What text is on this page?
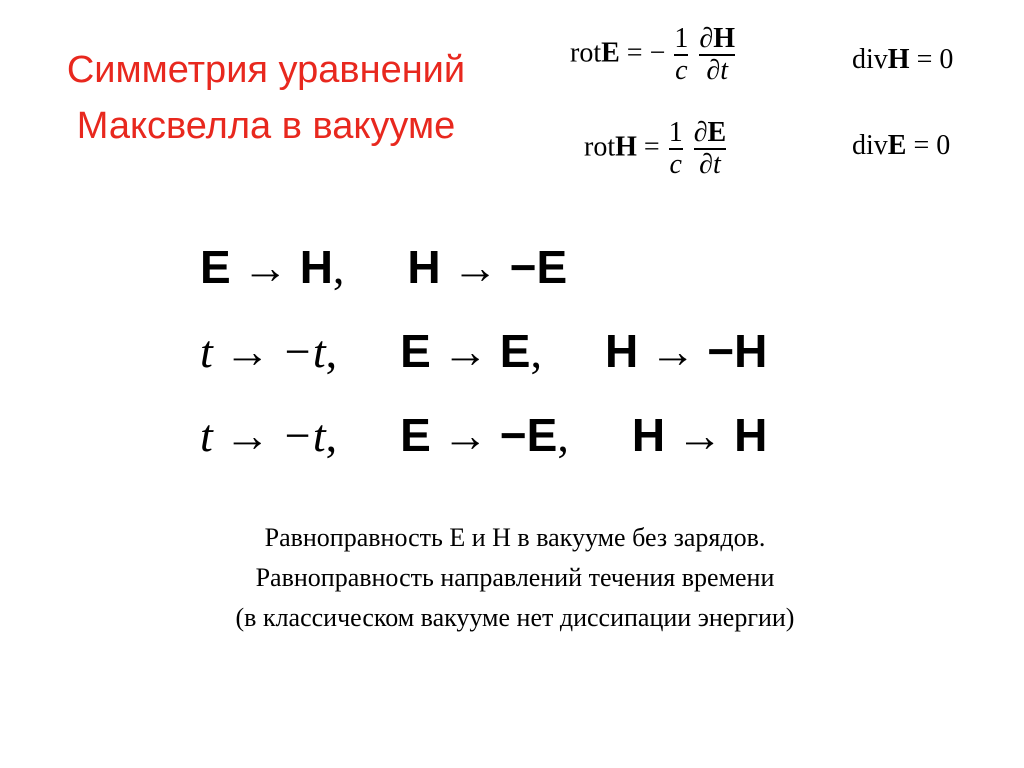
Симметрия уравнений
Максвелла в вакууме
rotE = − $\frac{1}{c}$
$\frac{\partial H}{\partial t}$	divH = 0
rotH = $\frac{1}{c}$
$\frac{\partial E}{\partial t}$	divE = 0
E → H, H → −E
t → −t, E → E, H → −H
t → −t, E → −E, H → H
Равноправность Е и Н в вакууме без зарядов.
Равноправность направлений течения времени
(в классическом вакууме нет диссипации энергии)
